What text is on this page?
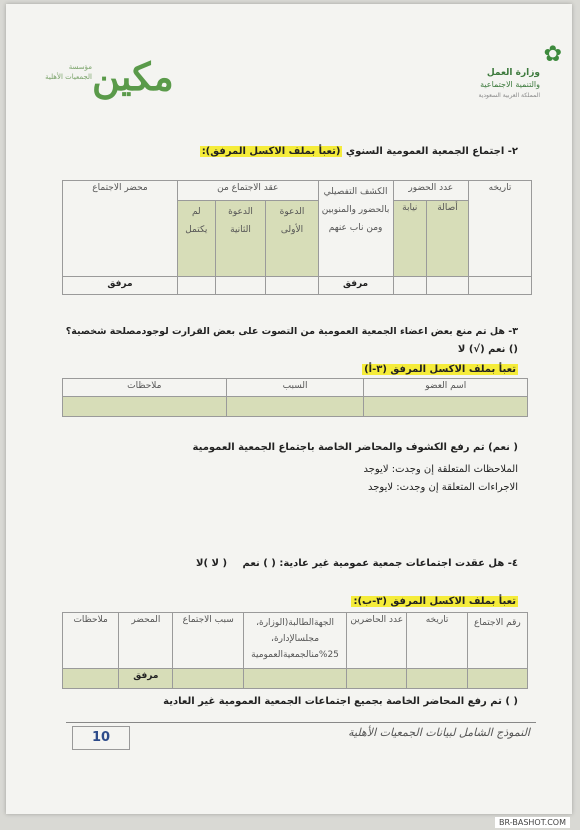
مكين
مؤسسة الجمعيات الأهلية
✿
وزارة العمل
والتنمية الاجتماعية
المملكة العربية السعودية
٢- اجتماع الجمعية العمومية السنوي (تعبأ بملف الاكسل المرفق):
تاريخه	عدد الحضور		الكشف التفصيلي بالحضور والمنوبين ومن ناب عنهم	عقد الاجتماع من			محضر الاجتماع
	أصالة	نيابة		الدعوة الأولى	الدعوة الثانية	لم يكتمل	
			مرفق				مرفق
٣- هل تم منع بعض اعضاء الجمعية العمومية من التصوت على بعض القرارت لوجودمصلحة شخصية؟
() نعم (√) لا
تعبأ بملف الاكسل المرفق (٣-أ)
اسم العضو	السبب	ملاحظات

( نعم) تم رفع الكشوف والمحاضر الخاصة باجتماع الجمعية العمومية
الملاحظات المتعلقة إن وجدت: لايوجد
الاجراءات المتعلقة إن وجدت: لايوجد
٤- هل عقدت اجتماعات جمعية عمومية غير عادية: ( ) نعم ( لا )لا
تعبأ بملف الاكسل المرفق (٣-ب):
رقم الاجتماع	تاريخه	عدد الحاضرين	الجهةالطالبة(الوزارة، مجلسالإدارة، 25%منالجمعيةالعمومية	سبب الاجتماع	المحضر	ملاحظات
					مرفق	
( ) تم رفع المحاضر الخاصة بجميع اجتماعات الجمعية العمومية غير العادية
10	النموذج الشامل لبيانات الجمعيات الأهلية
BR-BASHOT.COM
